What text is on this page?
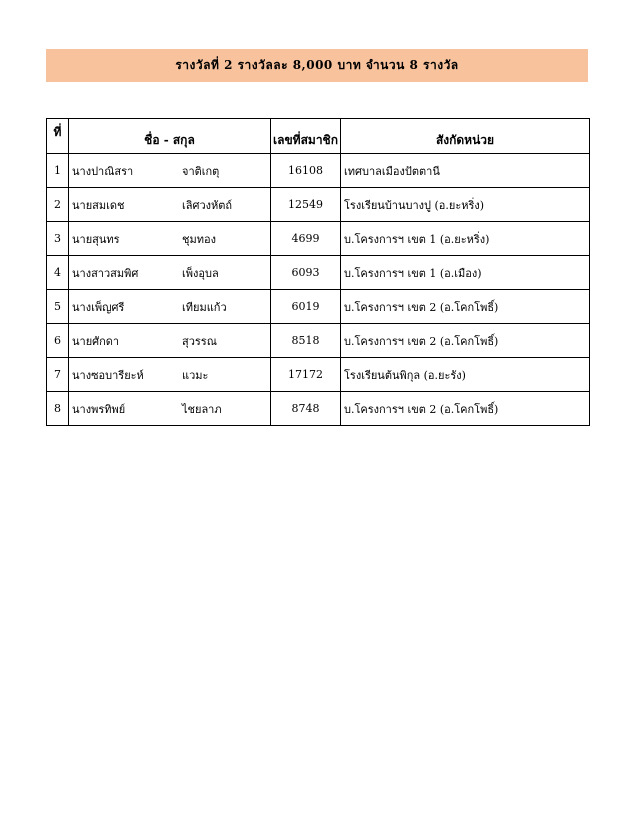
รางวัลที่ 2 รางวัลละ 8,000 บาท จำนวน 8 รางวัล
ที่	ชื่อ - สกุล	เลขที่สมาชิก	สังกัดหน่วย
1	นางปาณิสรา จาติเกตุ	16108	เทศบาลเมืองปัตตานี
2	นายสมเดช เลิศวงหัตถ์	12549	โรงเรียนบ้านบางปู (อ.ยะหริ่ง)
3	นายสุนทร ชุมทอง	4699	บ.โครงการฯ เขต 1 (อ.ยะหริ่ง)
4	นางสาวสมพิศ เพ็งอุบล	6093	บ.โครงการฯ เขต 1 (อ.เมือง)
5	นางเพ็ญศรี เทียมแก้ว	6019	บ.โครงการฯ เขต 2 (อ.โคกโพธิ์)
6	นายศักดา สุวรรณ	8518	บ.โครงการฯ เขต 2 (อ.โคกโพธิ์)
7	นางซอบารียะห์ แวมะ	17172	โรงเรียนต้นพิกุล (อ.ยะรัง)
8	นางพรทิพย์ ไชยลาภ	8748	บ.โครงการฯ เขต 2 (อ.โคกโพธิ์)
